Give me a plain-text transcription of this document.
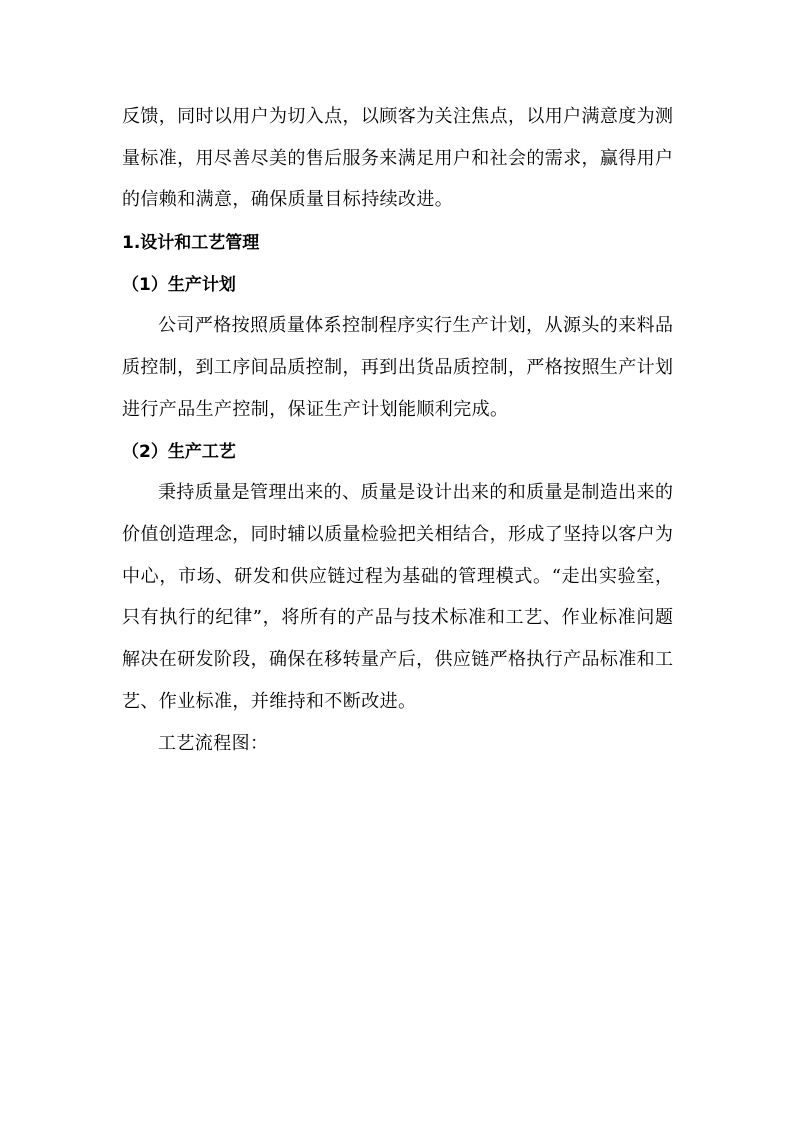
反馈，同时以用户为切入点，以顾客为关注焦点，以用户满意度为测
量标准，用尽善尽美的售后服务来满足用户和社会的需求，赢得用户
的信赖和满意，确保质量目标持续改进。
1.设计和工艺管理
（1）生产计划
公司严格按照质量体系控制程序实行生产计划，从源头的来料品
质控制，到工序间品质控制，再到出货品质控制，严格按照生产计划
进行产品生产控制，保证生产计划能顺利完成。
（2）生产工艺
秉持质量是管理出来的、质量是设计出来的和质量是制造出来的
价值创造理念，同时辅以质量检验把关相结合，形成了坚持以客户为
中心，市场、研发和供应链过程为基础的管理模式。“走出实验室，
只有执行的纪律”，将所有的产品与技术标准和工艺、作业标准问题
解决在研发阶段，确保在移转量产后，供应链严格执行产品标准和工
艺、作业标准，并维持和不断改进。
工艺流程图：
